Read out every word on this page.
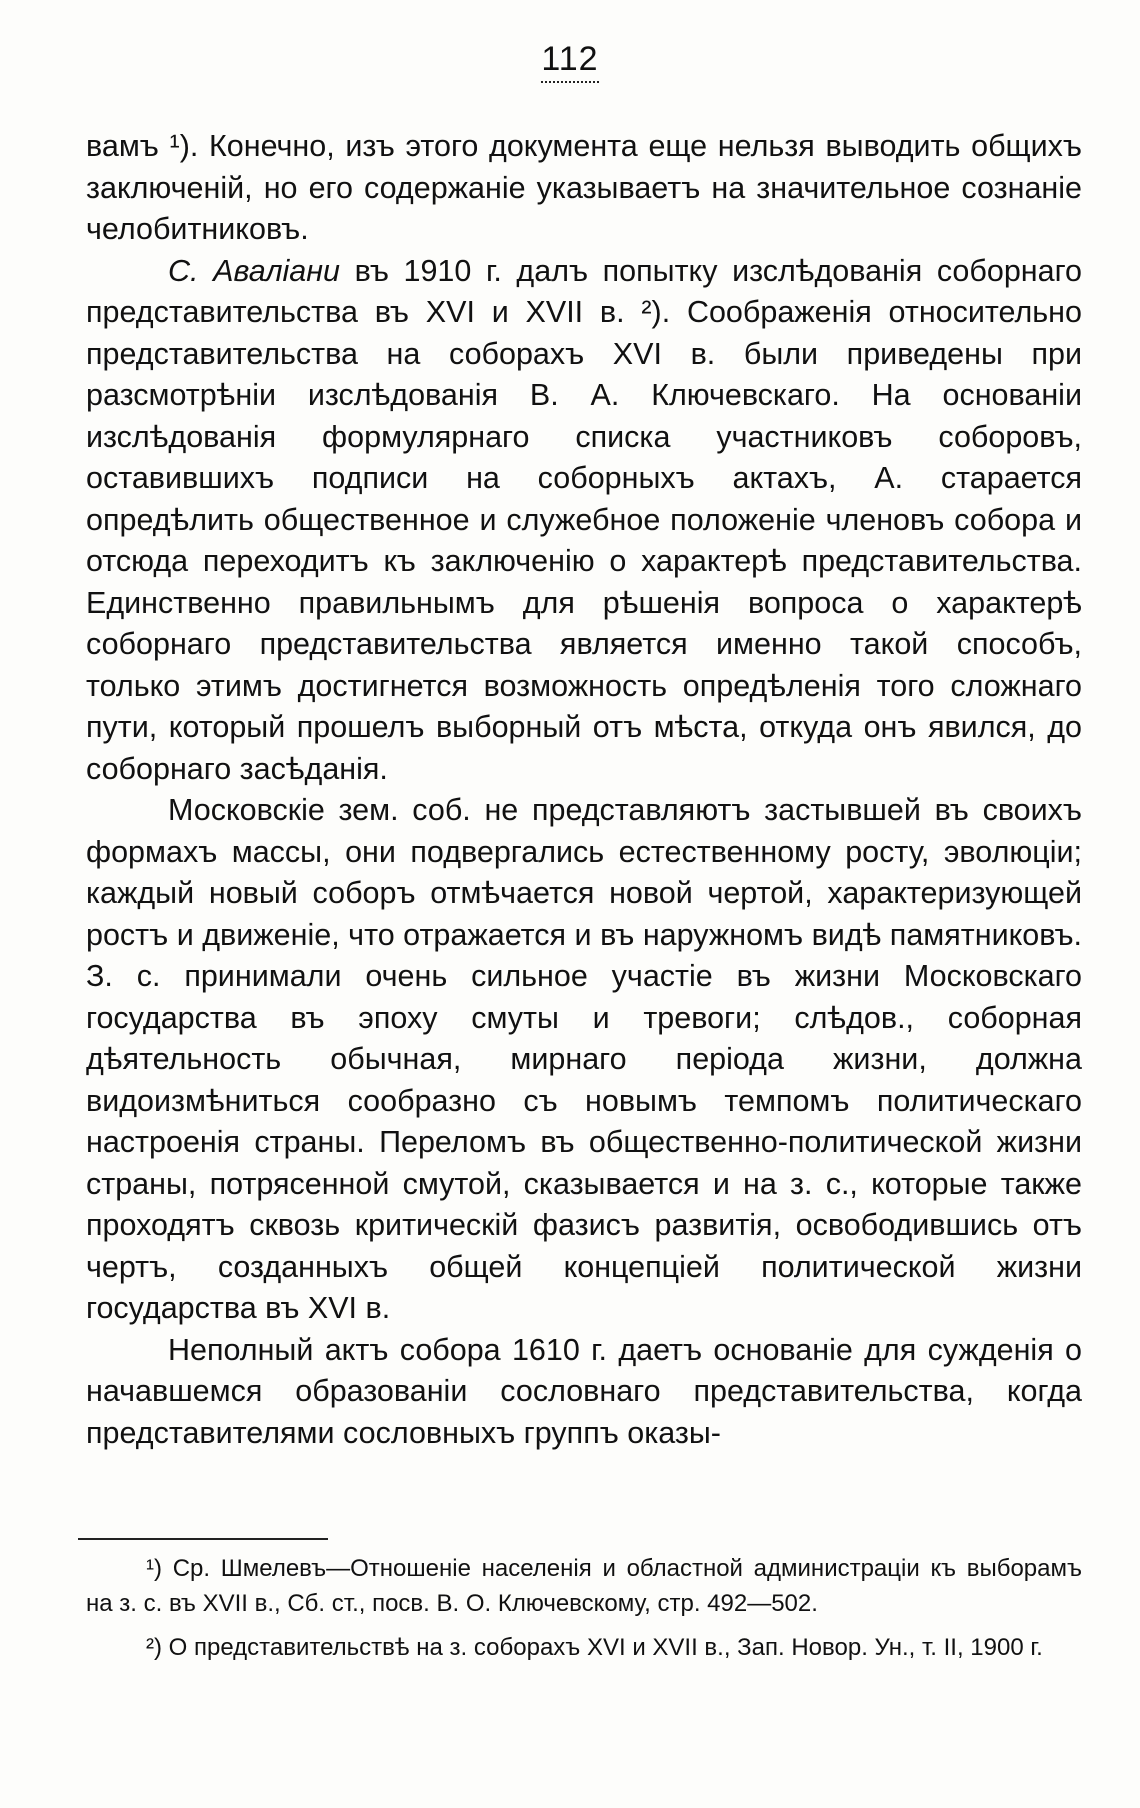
112

вамъ ¹). Конечно, изъ этого документа еще нельзя выводить общихъ заключеній, но его содержаніе указываетъ на значительное сознаніе челобитниковъ.

С. Аваліани въ 1910 г. далъ попытку изслѣдованія соборнаго представительства въ XVI и XVII в. ²). Соображенія относительно представительства на соборахъ XVI в. были приведены при разсмотрѣніи изслѣдованія В. А. Ключевскаго. На основаніи изслѣдованія формулярнаго списка участниковъ соборовъ, оставившихъ подписи на соборныхъ актахъ, А. старается опредѣлить общественное и служебное положеніе членовъ собора и отсюда переходитъ къ заключенію о характерѣ представительства. Единственно правильнымъ для рѣшенія вопроса о характерѣ соборнаго представительства является именно такой способъ, только этимъ достигнется возможность опредѣленія того сложнаго пути, который прошелъ выборный отъ мѣста, откуда онъ явился, до соборнаго засѣданія.

Московскіе зем. соб. не представляютъ застывшей въ своихъ формахъ массы, они подвергались естественному росту, эволюціи; каждый новый соборъ отмѣчается новой чертой, характеризующей ростъ и движеніе, что отражается и въ наружномъ видѣ памятниковъ. З. с. принимали очень сильное участіе въ жизни Московскаго государства въ эпоху смуты и тревоги; слѣдов., соборная дѣятельность обычная, мирнаго періода жизни, должна видоизмѣниться сообразно съ новымъ темпомъ политическаго настроенія страны. Переломъ въ общественно-политической жизни страны, потрясенной смутой, сказывается и на з. с., которые также проходятъ сквозь критическій фазисъ развитія, освободившись отъ чертъ, созданныхъ общей концепціей политической жизни государства въ XVI в.

Неполный актъ собора 1610 г. даетъ основаніе для сужденія о начавшемся образованіи сословнаго представительства, когда представителями сословныхъ группъ оказы-

¹) Ср. Шмелевъ—Отношеніе населенія и областной администраціи къ выборамъ на з. с. въ XVII в., Сб. ст., посв. В. О. Ключевскому, стр. 492—502.

²) О представительствѣ на з. соборахъ XVI и XVII в., Зап. Новор. Ун., т. II, 1900 г.
